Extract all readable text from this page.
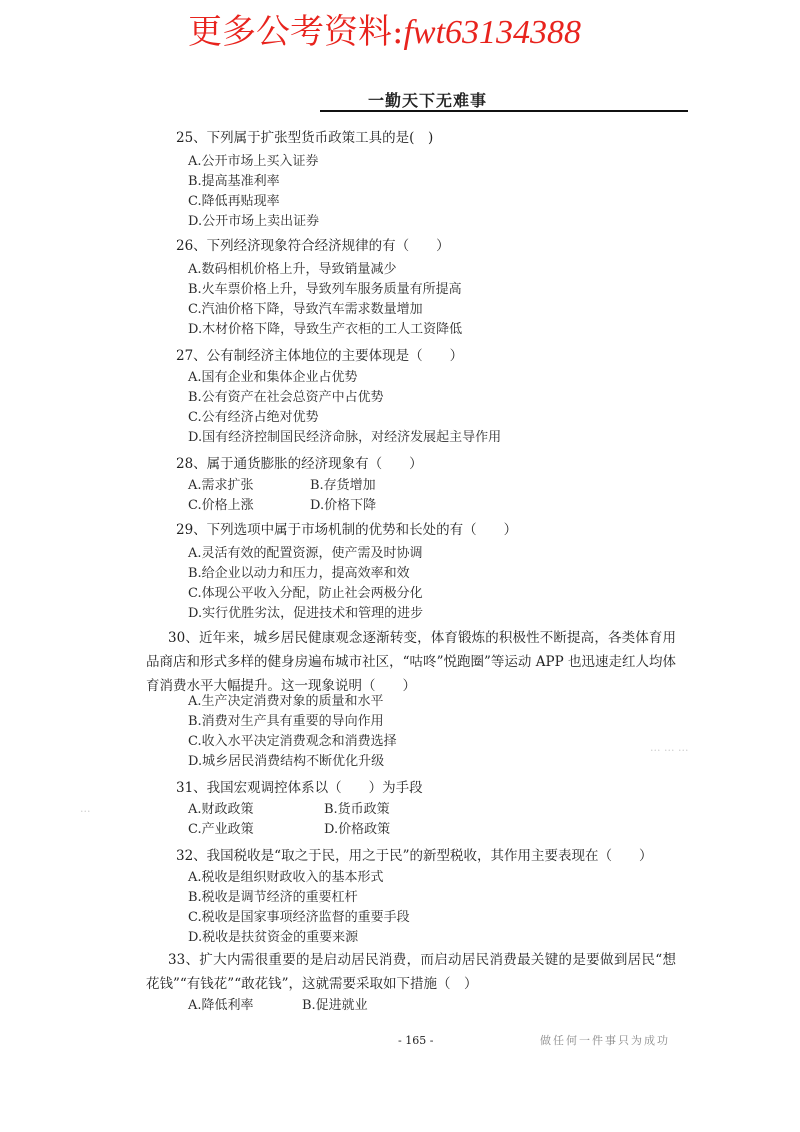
更多公考资料:fwt63134388
一勤天下无难事
··· ··· ···
···
25、下列属于扩张型货币政策工具的是(　)
A.公开市场上买入证券
B.提高基准利率
C.降低再贴现率
D.公开市场上卖出证券
26、下列经济现象符合经济规律的有（　　）
A.数码相机价格上升，导致销量减少
B.火车票价格上升，导致列车服务质量有所提高
C.汽油价格下降，导致汽车需求数量增加
D.木材价格下降，导致生产衣柜的工人工资降低
27、公有制经济主体地位的主要体现是（　　）
A.国有企业和集体企业占优势
B.公有资产在社会总资产中占优势
C.公有经济占绝对优势
D.国有经济控制国民经济命脉，对经济发展起主导作用
28、属于通货膨胀的经济现象有（　　）
A.需求扩张	B.存货增加
C.价格上涨	D.价格下降
29、下列选项中属于市场机制的优势和长处的有（　　）
A.灵活有效的配置资源，使产需及时协调
B.给企业以动力和压力，提高效率和效
C.体现公平收入分配，防止社会两极分化
D.实行优胜劣汰，促进技术和管理的进步
30、近年来，城乡居民健康观念逐渐转变，体育锻炼的积极性不断提高，各类体育用品商店和形式多样的健身房遍布城市社区，“咕咚”悦跑圈”等运动 APP 也迅速走红人均体育消费水平大幅提升。这一现象说明（　　）
A.生产决定消费对象的质量和水平
B.消费对生产具有重要的导向作用
C.收入水平决定消费观念和消费选择
D.城乡居民消费结构不断优化升级
31、我国宏观调控体系以（　　）为手段
A.财政政策	B.货币政策
C.产业政策	D.价格政策
32、我国税收是“取之于民，用之于民”的新型税收，其作用主要表现在（　　）
A.税收是组织财政收入的基本形式
B.税收是调节经济的重要杠杆
C.税收是国家事项经济监督的重要手段
D.税收是扶贫资金的重要来源
33、扩大内需很重要的是启动居民消费，而启动居民消费最关键的是要做到居民“想花钱”“有钱花”“敢花钱”，这就需要采取如下措施（　）
A.降低利率	B.促进就业
- 165 -	做任何一件事只为成功
